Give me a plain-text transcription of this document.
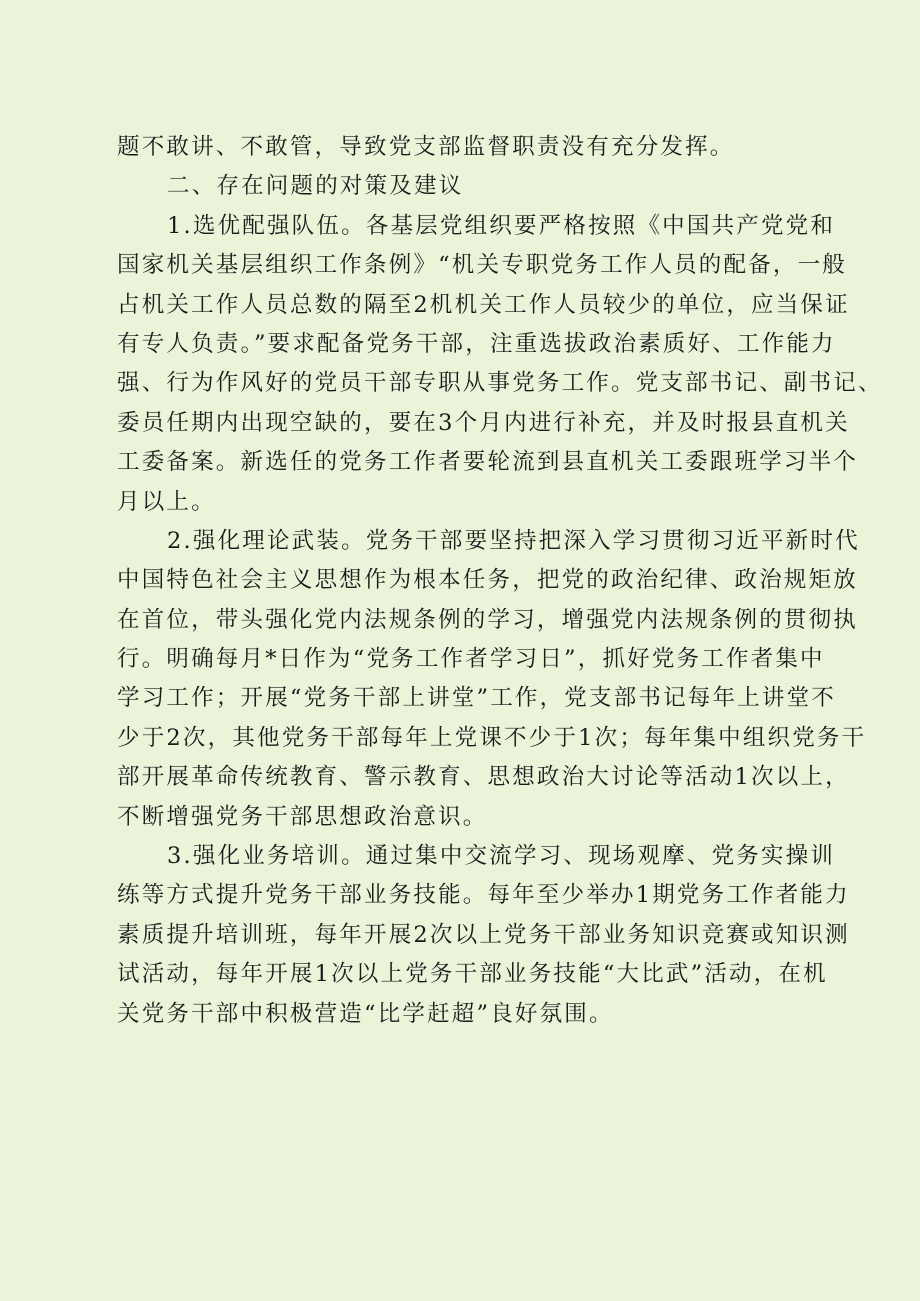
题不敢讲、不敢管，导致党支部监督职责没有充分发挥。
二、存在问题的对策及建议
1.选优配强队伍。各基层党组织要严格按照《中国共产党党和
国家机关基层组织工作条例》“机关专职党务工作人员的配备，一般
占机关工作人员总数的隔至2机机关工作人员较少的单位，应当保证
有专人负责。”要求配备党务干部，注重选拔政治素质好、工作能力
强、行为作风好的党员干部专职从事党务工作。党支部书记、副书记、
委员任期内出现空缺的，要在3个月内进行补充，并及时报县直机关
工委备案。新选任的党务工作者要轮流到县直机关工委跟班学习半个
月以上。
2.强化理论武装。党务干部要坚持把深入学习贯彻习近平新时代
中国特色社会主义思想作为根本任务，把党的政治纪律、政治规矩放
在首位，带头强化党内法规条例的学习，增强党内法规条例的贯彻执
行。明确每月*日作为“党务工作者学习日”，抓好党务工作者集中
学习工作；开展“党务干部上讲堂”工作，党支部书记每年上讲堂不
少于2次，其他党务干部每年上党课不少于1次；每年集中组织党务干
部开展革命传统教育、警示教育、思想政治大讨论等活动1次以上，
不断增强党务干部思想政治意识。
3.强化业务培训。通过集中交流学习、现场观摩、党务实操训
练等方式提升党务干部业务技能。每年至少举办1期党务工作者能力
素质提升培训班，每年开展2次以上党务干部业务知识竞赛或知识测
试活动，每年开展1次以上党务干部业务技能“大比武”活动，在机
关党务干部中积极营造“比学赶超”良好氛围。
